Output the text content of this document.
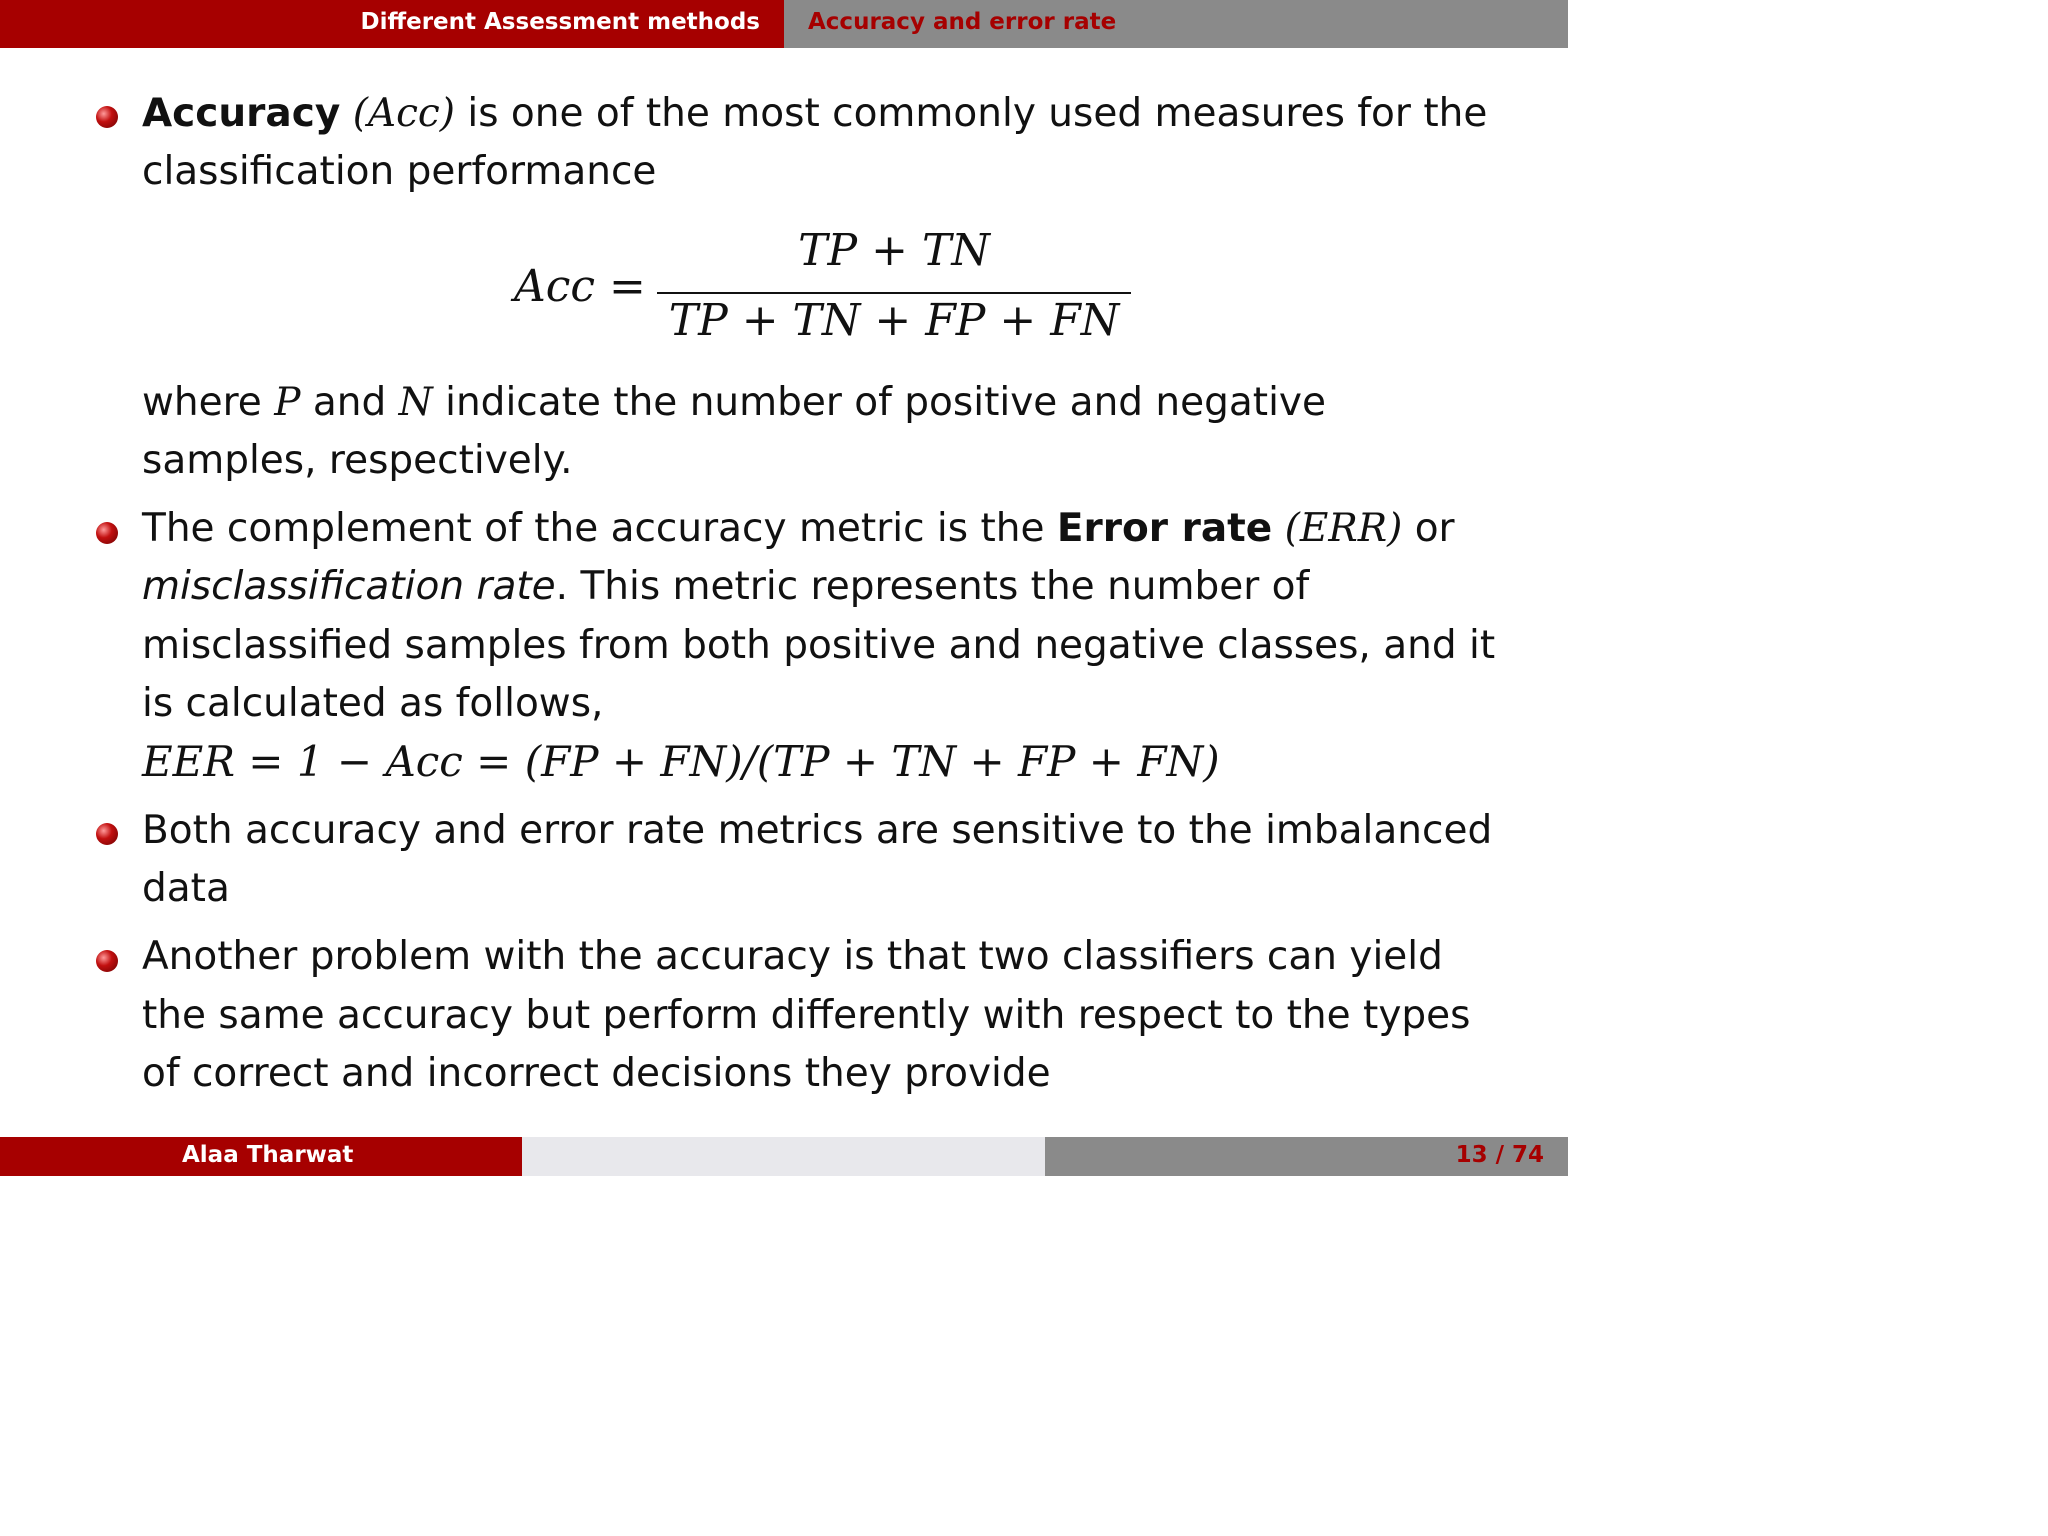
Different Assessment methods Accuracy and error rate
Accuracy (Acc) is one of the most commonly used measures for the
classification performance
Acc =
TP + TN
TP + TN + FP + FN
where P and N indicate the number of positive and negative
samples, respectively.
The complement of the accuracy metric is the Error rate (ERR) or
misclassification rate. This metric represents the number of
misclassified samples from both positive and negative classes, and it
is calculated as follows,
EER = 1 − Acc = (FP + FN)/(TP + TN + FP + FN)
Both accuracy and error rate metrics are sensitive to the imbalanced
data
Another problem with the accuracy is that two classifiers can yield
the same accuracy but perform differently with respect to the types
of correct and incorrect decisions they provide
Alaa Tharwat	13 / 74
